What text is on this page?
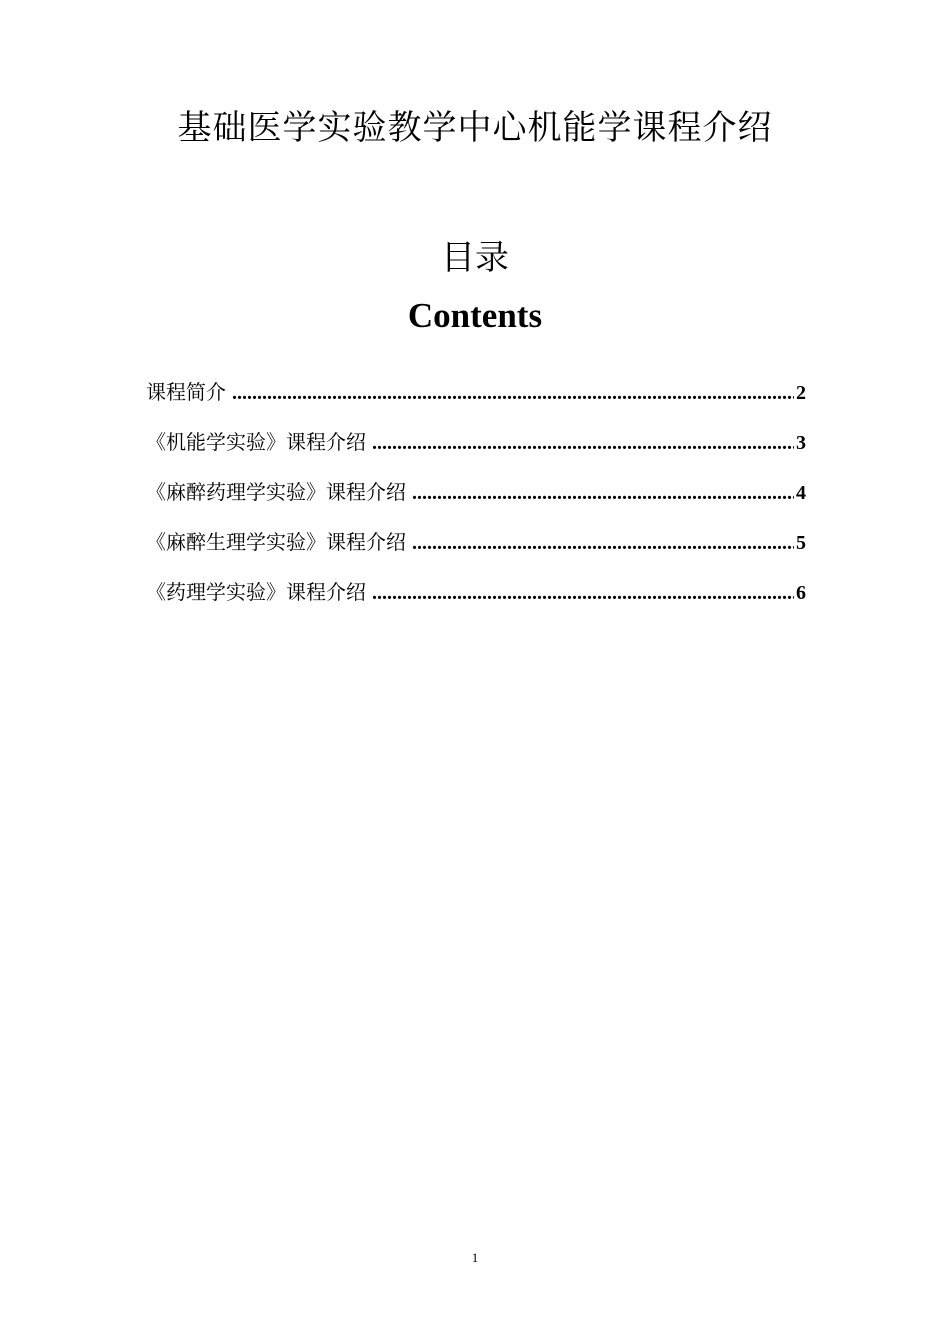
基础医学实验教学中心机能学课程介绍
目录
Contents
课程简介 .....	2
《机能学实验》课程介绍 .....	3
《麻醉药理学实验》课程介绍 .....	4
《麻醉生理学实验》课程介绍 .....	5
《药理学实验》课程介绍 .....	6
1
